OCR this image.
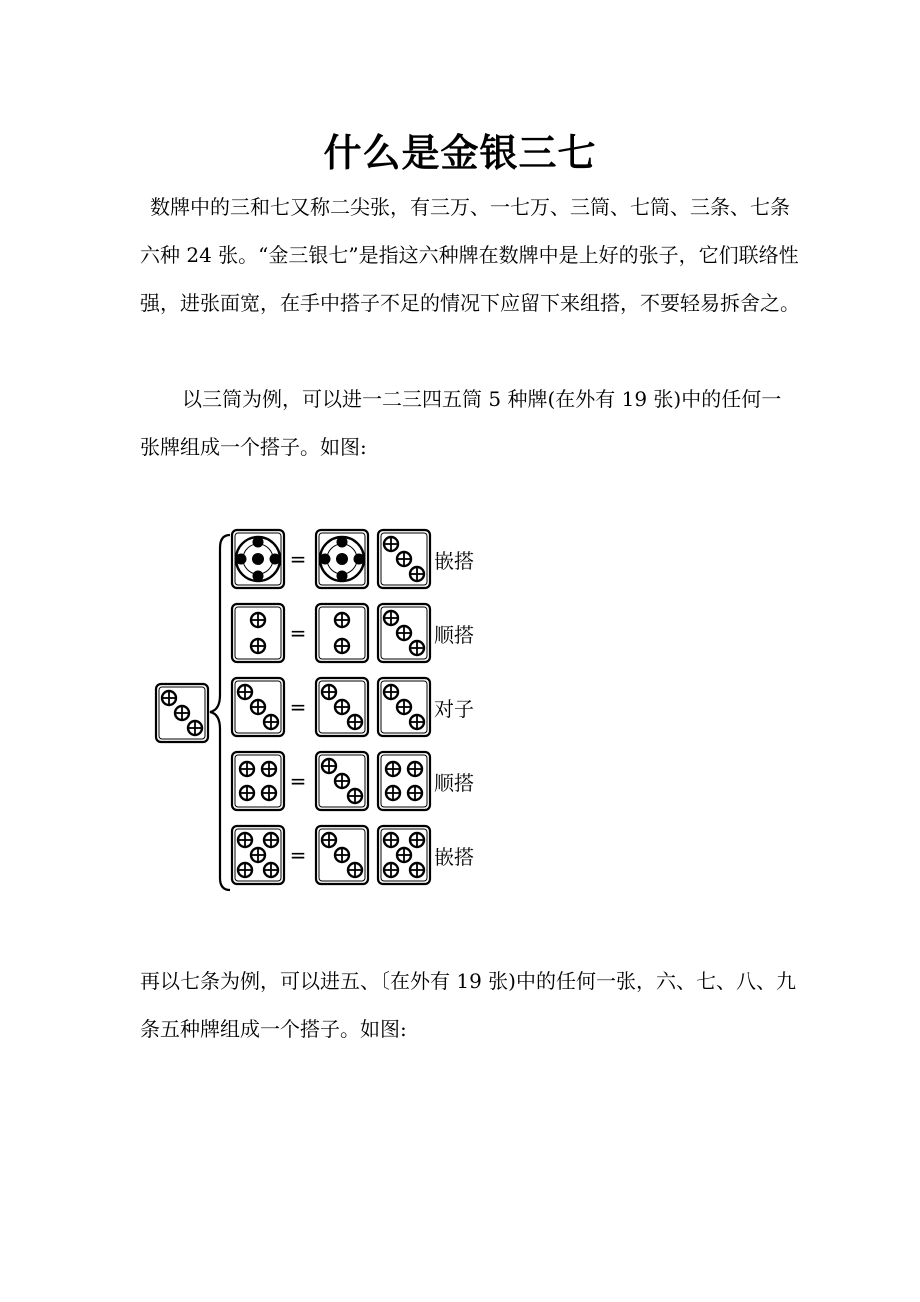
什么是金银三七

数牌中的三和七又称二尖张，有三万、一七万、三筒、七筒、三条、七条六种 24 张。“金三银七”是指这六种牌在数牌中是上好的张子，它们联络性强，进张面宽，在手中搭子不足的情况下应留下来组搭，不要轻易拆舍之。

以三筒为例，可以进一二三四五筒 5 种牌(在外有 19 张)中的任何一张牌组成一个搭子。如图:

=	嵌搭
=	顺搭
=	对子
=	顺搭
=	嵌搭

再以七条为例，可以进五、〔在外有 19 张)中的任何一张，六、七、八、九条五种牌组成一个搭子。如图:
